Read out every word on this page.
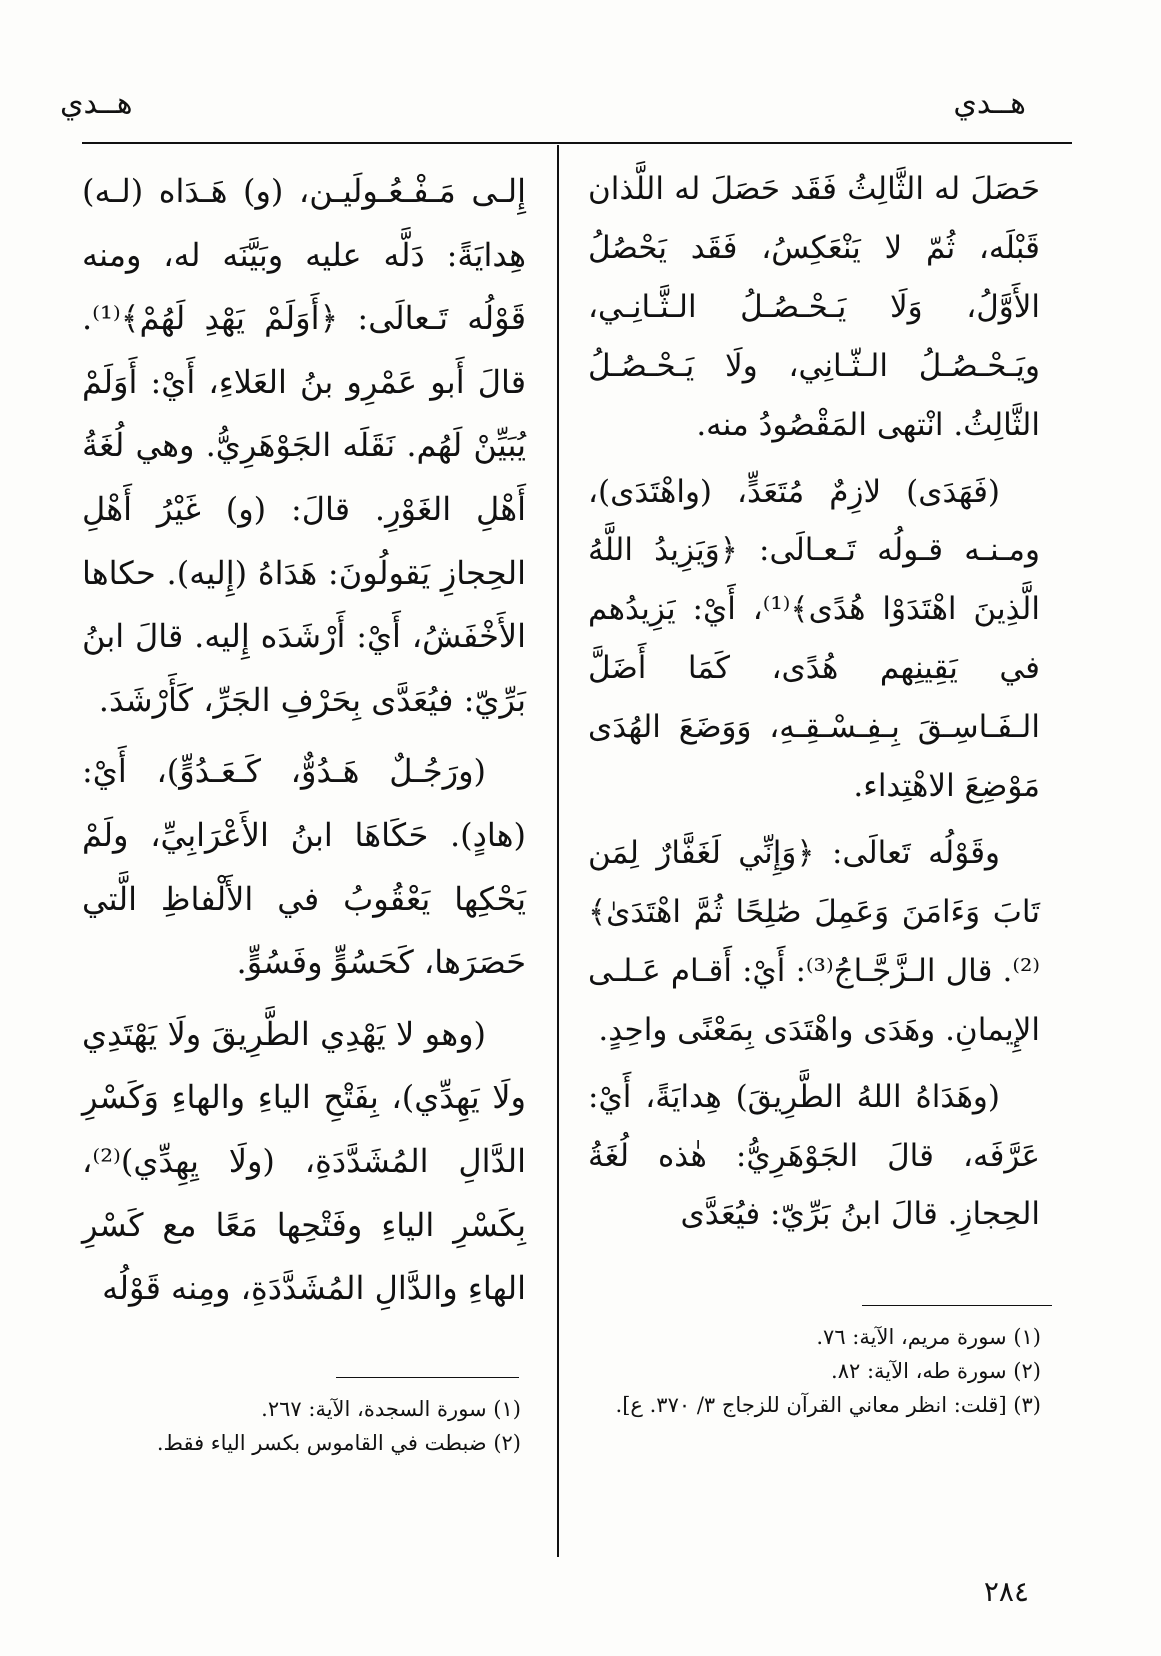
هــدي
هــدي

حَصَلَ له الثَّالِثُ فَقَد حَصَلَ له اللَّذان قَبْلَه، ثُمّ لا يَنْعَكِسُ، فَقَد يَحْصُلُ الأَوَّلُ، وَلَا يَـحْـصُـلُ الـثَّـانِـي، ويَـحْـصُـلُ الـثّـانِي، ولَا يَـحْـصُـلُ الثَّالِثُ. انْتهى المَقْصُودُ منه.

(فَهَدَى) لازِمٌ مُتَعَدٍّ، (واهْتَدَى)، ومـنـه قـولُه تَـعـالَى: ﴿وَيَزِيدُ اللَّهُ الَّذِينَ اهْتَدَوْا هُدًى﴾⁽¹⁾، أَيْ: يَزِيدُهم في يَقِينِهم هُدًى، كَمَا أَضَلَّ الـفَـاسِـقَ بِـفِـسْـقِـهِ، وَوَضَعَ الهُدَى مَوْضِعَ الاهْتِداء.

وقَوْلُه تَعالَى: ﴿وَإِنِّي لَغَفَّارٌ لِمَن تَابَ وَءَامَنَ وَعَمِلَ صَٰلِحًا ثُمَّ اهْتَدَىٰ﴾⁽²⁾. قال الـزَّجَّـاجُ⁽³⁾: أَيْ: أَقـام عَـلـى الإِيمانِ. وهَدَى واهْتَدَى بِمَعْنًى واحِدٍ.

(وهَدَاهُ اللهُ الطَّرِيقَ) هِدايَةً، أَيْ: عَرَّفَه، قالَ الجَوْهَرِيُّ: هٰذه لُغَةُ الحِجازِ. قالَ ابنُ بَرِّيّ: فيُعَدَّى

(١) سورة مريم، الآية: ٧٦.

(٢) سورة طه، الآية: ٨٢.

(٣) [قلت: انظر معاني القرآن للزجاج ٣/ ٣٧٠. ع].

إِلـى مَـفْـعُـولَيـن، (و) هَـدَاه (لـه) هِدايَةً: دَلَّه عليه وبَيَّنَه له، ومنه قَوْلُه تَـعالَى: ﴿أَوَلَمْ يَهْدِ لَهُمْ﴾⁽¹⁾. قالَ أَبو عَمْرِو بنُ العَلاءِ، أَيْ: أَوَلَمْ يُبَيِّنْ لَهُم. نَقَلَه الجَوْهَرِيُّ. وهي لُغَةُ أَهْلِ الغَوْرِ. قالَ: (و) غَيْرُ أَهْلِ الحِجازِ يَقولُونَ: هَدَاهُ (إِليه). حكاها الأَخْفَشُ، أَيْ: أَرْشَدَه إِليه. قالَ ابنُ بَرِّيّ: فيُعَدَّى بِحَرْفِ الجَرِّ، كَأَرْشَدَ.

(ورَجُـلٌ هَـدُوٌّ، كَـعَـدُوٍّ)، أَيْ: (هادٍ). حَكَاهَا ابنُ الأَعْرَابِيِّ، ولَمْ يَحْكِها يَعْقُوبُ في الأَلْفاظِ الَّتي حَصَرَها، كَحَسُوٍّ وفَسُوٍّ.

(وهو لا يَهْدِي الطَّرِيقَ ولَا يَهْتَدِي ولَا يَهِدِّي)، بِفَتْحِ الياءِ والهاءِ وَكَسْرِ الدَّالِ المُشَدَّدَةِ، (ولَا يِهِدِّي)⁽²⁾، بِكَسْرِ الياءِ وفَتْحِها مَعًا مع كَسْرِ الهاءِ والدَّالِ المُشَدَّدَةِ، ومِنه قَوْلُه

(١) سورة السجدة، الآية: ٢٦٧.

(٢) ضبطت في القاموس بكسر الياء فقط.

٢٨٤
